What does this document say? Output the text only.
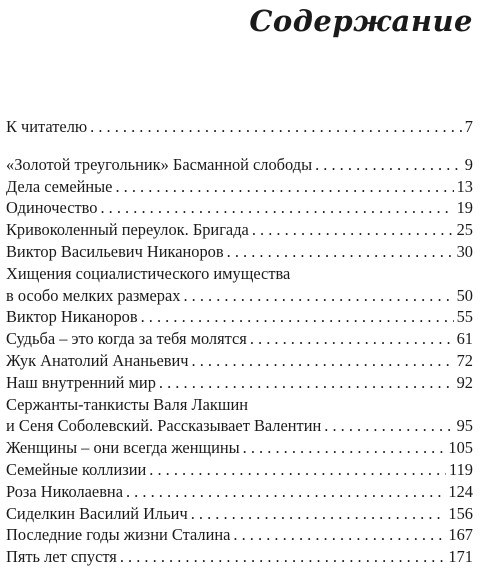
Содержание
К читателю . . .	7
«Золотой треугольник» Басманной слободы . . .	9
Дела семейные . . .	13
Одиночество . . .	19
Кривоколенный переулок. Бригада . . .	25
Виктор Васильевич Никаноров . . .	30
Хищения социалистического имущества
в особо мелких размерах . . .	50
Виктор Никаноров . . .	55
Судьба – это когда за тебя молятся . . .	61
Жук Анатолий Ананьевич . . .	72
Наш внутренний мир . . .	92
Сержанты-танкисты Валя Лакшин
и Сеня Соболевский. Рассказывает Валентин . . .	95
Женщины – они всегда женщины . . .	105
Семейные коллизии . . .	119
Роза Николаевна . . .	124
Сиделкин Василий Ильич . . .	156
Последние годы жизни Сталина . . .	167
Пять лет спустя . . .	171
